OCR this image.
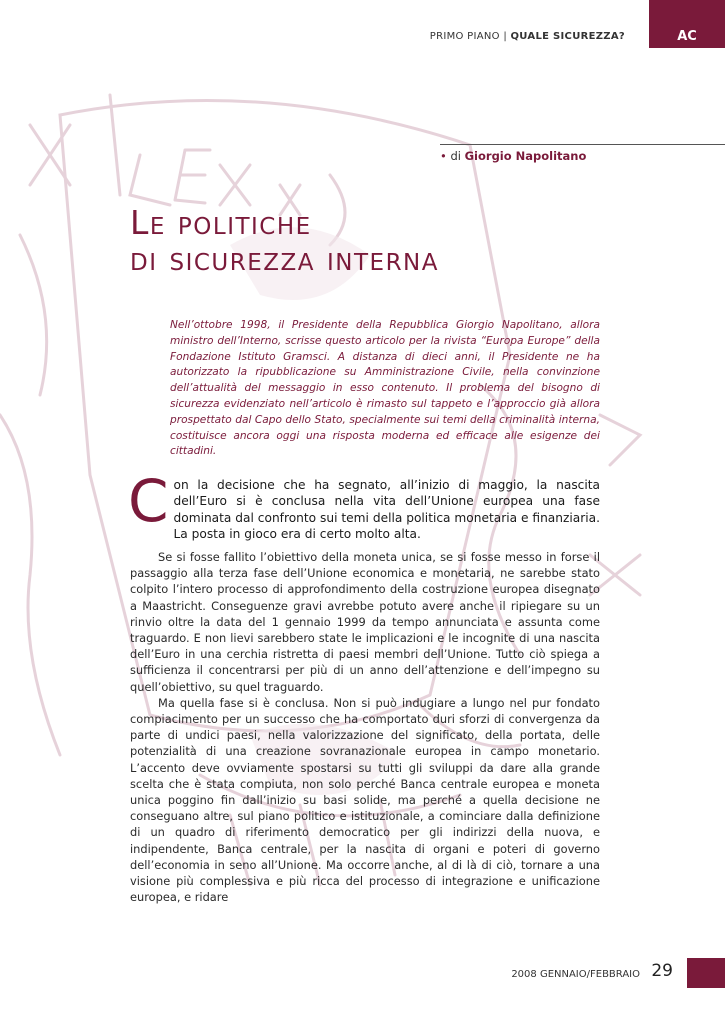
PRIMO PIANO | QUALE SICUREZZA?	AC
• di Giorgio Napolitano
Le politiche
di sicurezza interna
Nell’ottobre 1998, il Presidente della Repubblica Giorgio Napolitano, allora ministro dell’Interno, scrisse questo articolo per la rivista “Europa Europe” della Fondazione Istituto Gramsci. A distanza di dieci anni, il Presidente ne ha autorizzato la ripubblicazione su Amministrazione Civile, nella convinzione dell’attualità del messaggio in esso contenuto. Il problema del bisogno di sicurezza evidenziato nell’articolo è rimasto sul tappeto e l’approccio già allora prospettato dal Capo dello Stato, specialmente sui temi della criminalità interna, costituisce ancora oggi una risposta moderna ed efficace alle esigenze dei cittadini.
Con la decisione che ha segnato, all’inizio di maggio, la nascita dell’Euro si è conclusa nella vita dell’Unione europea una fase dominata dal confronto sui temi della politica monetaria e finanziaria. La posta in gioco era di certo molto alta.

Se si fosse fallito l’obiettivo della moneta unica, se si fosse messo in forse il passaggio alla terza fase dell’Unione economica e monetaria, ne sarebbe stato colpito l’intero processo di approfondimento della costruzione europea disegnato a Maastricht. Conseguenze gravi avrebbe potuto avere anche il ripiegare su un rinvio oltre la data del 1 gennaio 1999 da tempo annunciata e assunta come traguardo. E non lievi sarebbero state le implicazioni e le incognite di una nascita dell’Euro in una cerchia ristretta di paesi membri dell’Unione. Tutto ciò spiega a sufficienza il concentrarsi per più di un anno dell’attenzione e dell’impegno su quell’obiettivo, su quel traguardo.

Ma quella fase si è conclusa. Non si può indugiare a lungo nel pur fondato compiacimento per un successo che ha comportato duri sforzi di convergenza da parte di undici paesi, nella valorizzazione del significato, della portata, delle potenzialità di una creazione sovranazionale europea in campo monetario. L’accento deve ovviamente spostarsi su tutti gli sviluppi da dare alla grande scelta che è stata compiuta, non solo perché Banca centrale europea e moneta unica poggino fin dall’inizio su basi solide, ma perché a quella decisione ne conseguano altre, sul piano politico e istituzionale, a cominciare dalla definizione di un quadro di riferimento democratico per gli indirizzi della nuova, e indipendente, Banca centrale, per la nascita di organi e poteri di governo dell’economia in seno all’Unione. Ma occorre anche, al di là di ciò, tornare a una visione più complessiva e più ricca del processo di integrazione e unificazione europea, e ridare

2008 GENNAIO/FEBBRAIO 29
